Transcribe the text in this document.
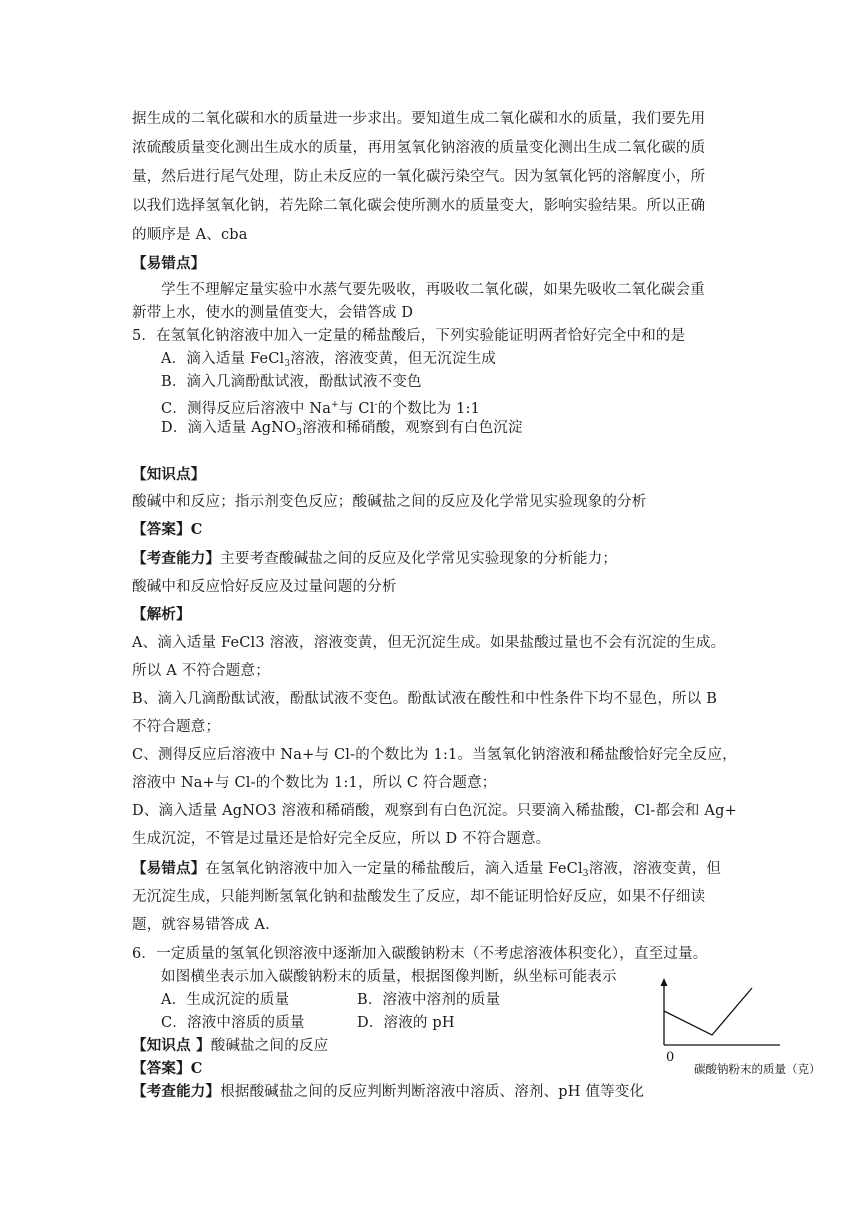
据生成的二氧化碳和水的质量进一步求出。要知道生成二氧化碳和水的质量，我们要先用
浓硫酸质量变化测出生成水的质量，再用氢氧化钠溶液的质量变化测出生成二氧化碳的质
量，然后进行尾气处理，防止未反应的一氧化碳污染空气。因为氢氧化钙的溶解度小，所
以我们选择氢氧化钠，若先除二氧化碳会使所测水的质量变大，影响实验结果。所以正确
的顺序是 A、cba
【易错点】
学生不理解定量实验中水蒸气要先吸收，再吸收二氧化碳，如果先吸收二氧化碳会重
新带上水，使水的测量值变大，会错答成 D
5．在氢氧化钠溶液中加入一定量的稀盐酸后，下列实验能证明两者恰好完全中和的是
A．滴入适量 FeCl$_3$溶液，溶液变黄，但无沉淀生成
B．滴入几滴酚酞试液，酚酞试液不变色
C．测得反应后溶液中 Na+与 Cl-的个数比为 1:1
D．滴入适量 AgNO$_3$溶液和稀硝酸，观察到有白色沉淀
【知识点】
酸碱中和反应；指示剂变色反应；酸碱盐之间的反应及化学常见实验现象的分析
【答案】C
【考查能力】主要考查酸碱盐之间的反应及化学常见实验现象的分析能力；
酸碱中和反应恰好反应及过量问题的分析
【解析】
A、滴入适量 FeCl3 溶液，溶液变黄，但无沉淀生成。如果盐酸过量也不会有沉淀的生成。
所以 A 不符合题意；
B、滴入几滴酚酞试液，酚酞试液不变色。酚酞试液在酸性和中性条件下均不显色，所以 B
不符合题意；
C、测得反应后溶液中 Na+与 Cl-的个数比为 1:1。当氢氧化钠溶液和稀盐酸恰好完全反应，
溶液中 Na+与 Cl-的个数比为 1:1，所以 C 符合题意；
D、滴入适量 AgNO3 溶液和稀硝酸，观察到有白色沉淀。只要滴入稀盐酸，Cl-都会和 Ag+
生成沉淀，不管是过量还是恰好完全反应，所以 D 不符合题意。
【易错点】在氢氧化钠溶液中加入一定量的稀盐酸后，滴入适量 FeCl$_3$溶液，溶液变黄，但
无沉淀生成，只能判断氢氧化钠和盐酸发生了反应，却不能证明恰好反应，如果不仔细读
题，就容易错答成 A.
6．一定质量的氢氧化钡溶液中逐渐加入碳酸钠粉末（不考虑溶液体积变化），直至过量。
如图横坐表示加入碳酸钠粉末的质量，根据图像判断，纵坐标可能表示
A．生成沉淀的质量	B．溶液中溶剂的质量
C．溶液中溶质的质量	D．溶液的 pH
【知识点 】酸碱盐之间的反应
【答案】C
【考查能力】根据酸碱盐之间的反应判断判断溶液中溶质、溶剂、pH 值等变化
0
碳酸钠粉末的质量（克）
